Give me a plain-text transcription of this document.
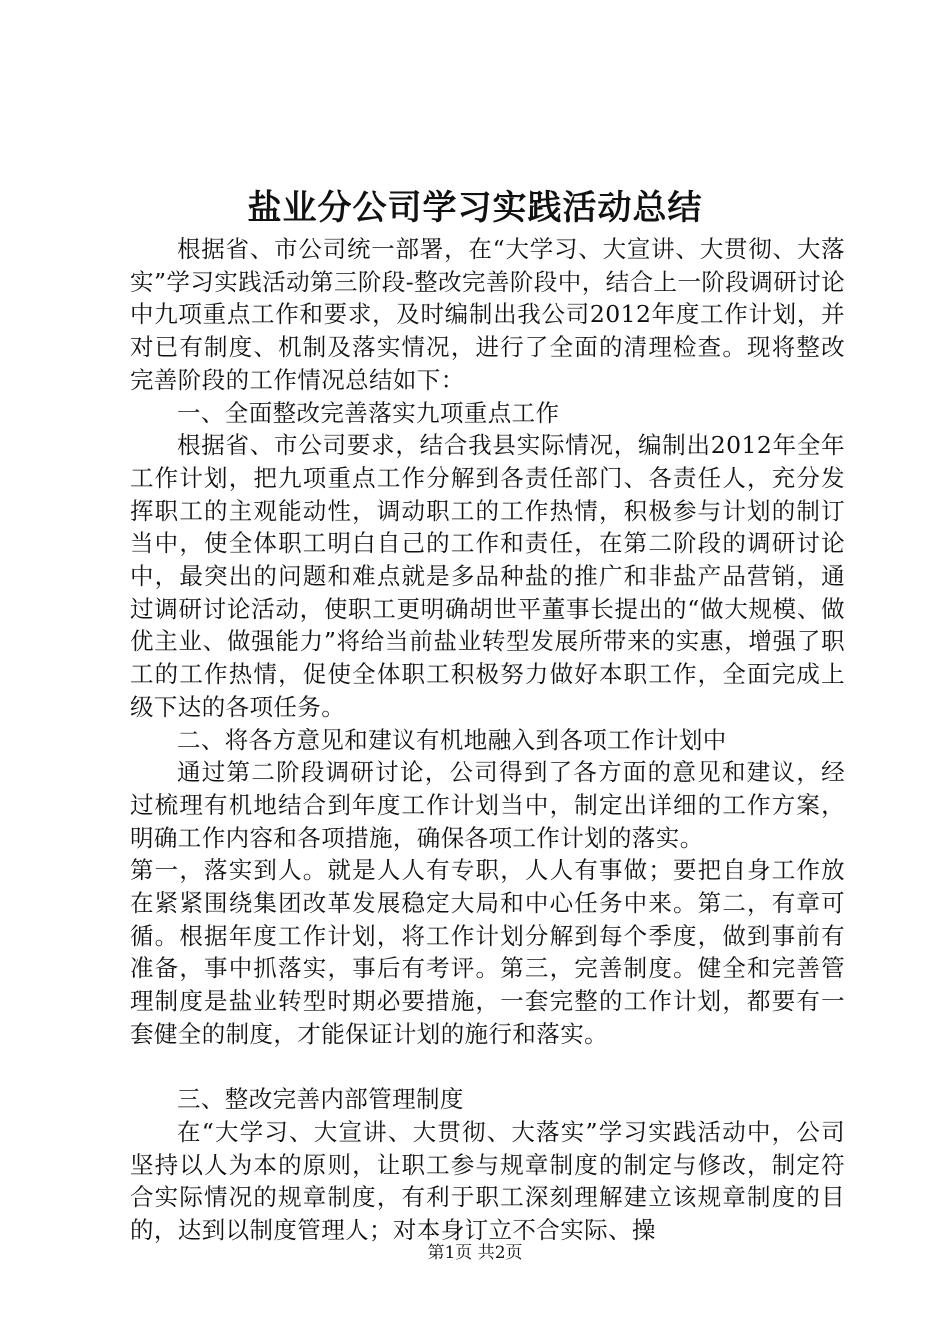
盐业分公司学习实践活动总结

根据省、市公司统一部署，在“大学习、大宣讲、大贯彻、大落实”学习实践活动第三阶段-整改完善阶段中，结合上一阶段调研讨论中九项重点工作和要求，及时编制出我公司2012年度工作计划，并对已有制度、机制及落实情况，进行了全面的清理检查。现将整改完善阶段的工作情况总结如下：

一、全面整改完善落实九项重点工作

根据省、市公司要求，结合我县实际情况，编制出2012年全年工作计划，把九项重点工作分解到各责任部门、各责任人，充分发挥职工的主观能动性，调动职工的工作热情，积极参与计划的制订当中，使全体职工明白自己的工作和责任，在第二阶段的调研讨论中，最突出的问题和难点就是多品种盐的推广和非盐产品营销，通过调研讨论活动，使职工更明确胡世平董事长提出的“做大规模、做优主业、做强能力”将给当前盐业转型发展所带来的实惠，增强了职工的工作热情，促使全体职工积极努力做好本职工作，全面完成上级下达的各项任务。

二、将各方意见和建议有机地融入到各项工作计划中

通过第二阶段调研讨论，公司得到了各方面的意见和建议，经过梳理有机地结合到年度工作计划当中，制定出详细的工作方案，明确工作内容和各项措施，确保各项工作计划的落实。

第一，落实到人。就是人人有专职，人人有事做；要把自身工作放在紧紧围绕集团改革发展稳定大局和中心任务中来。第二，有章可循。根据年度工作计划，将工作计划分解到每个季度，做到事前有准备，事中抓落实，事后有考评。第三，完善制度。健全和完善管理制度是盐业转型时期必要措施，一套完整的工作计划，都要有一套健全的制度，才能保证计划的施行和落实。

三、整改完善内部管理制度

在“大学习、大宣讲、大贯彻、大落实”学习实践活动中，公司坚持以人为本的原则，让职工参与规章制度的制定与修改，制定符合实际情况的规章制度，有利于职工深刻理解建立该规章制度的目的，达到以制度管理人；对本身订立不合实际、操

第1页 共2页
